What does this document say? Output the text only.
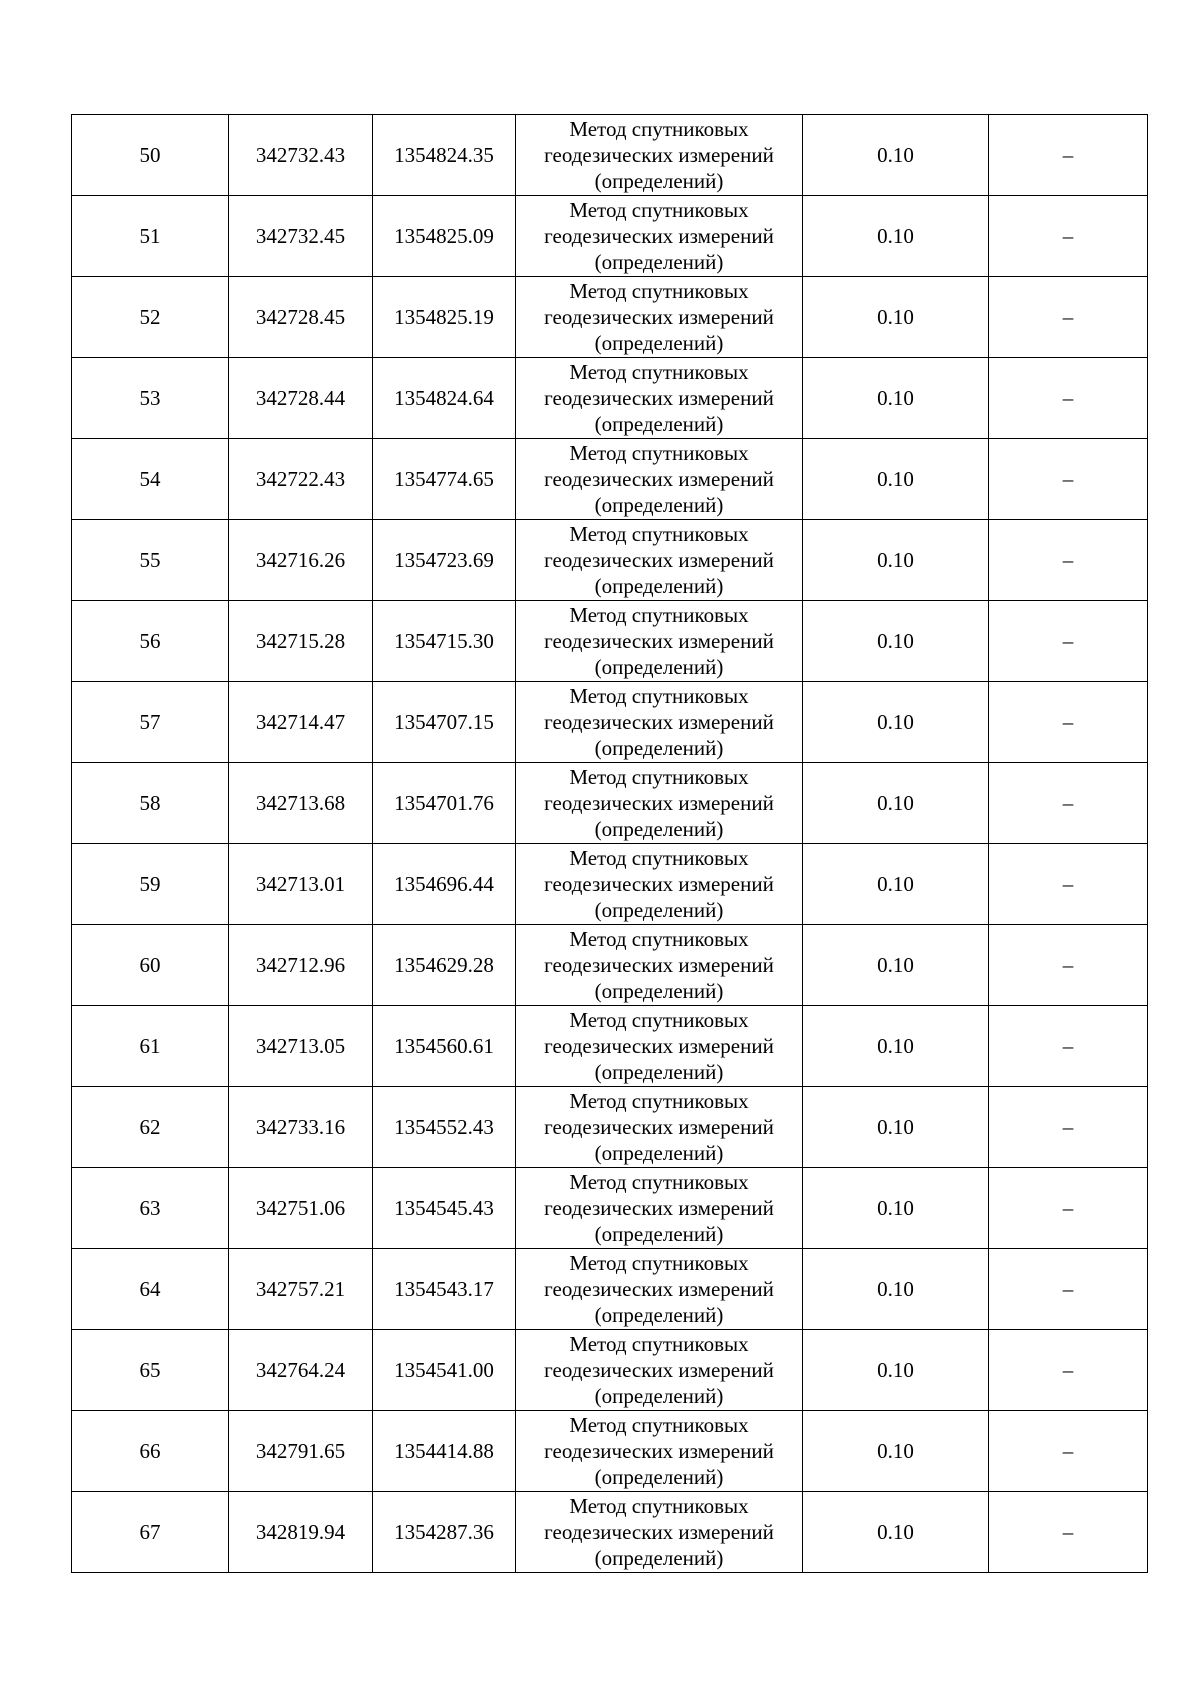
50	342732.43	1354824.35	Метод спутниковых
геодезических измерений
(определений)	0.10	–
51	342732.45	1354825.09	Метод спутниковых
геодезических измерений
(определений)	0.10	–
52	342728.45	1354825.19	Метод спутниковых
геодезических измерений
(определений)	0.10	–
53	342728.44	1354824.64	Метод спутниковых
геодезических измерений
(определений)	0.10	–
54	342722.43	1354774.65	Метод спутниковых
геодезических измерений
(определений)	0.10	–
55	342716.26	1354723.69	Метод спутниковых
геодезических измерений
(определений)	0.10	–
56	342715.28	1354715.30	Метод спутниковых
геодезических измерений
(определений)	0.10	–
57	342714.47	1354707.15	Метод спутниковых
геодезических измерений
(определений)	0.10	–
58	342713.68	1354701.76	Метод спутниковых
геодезических измерений
(определений)	0.10	–
59	342713.01	1354696.44	Метод спутниковых
геодезических измерений
(определений)	0.10	–
60	342712.96	1354629.28	Метод спутниковых
геодезических измерений
(определений)	0.10	–
61	342713.05	1354560.61	Метод спутниковых
геодезических измерений
(определений)	0.10	–
62	342733.16	1354552.43	Метод спутниковых
геодезических измерений
(определений)	0.10	–
63	342751.06	1354545.43	Метод спутниковых
геодезических измерений
(определений)	0.10	–
64	342757.21	1354543.17	Метод спутниковых
геодезических измерений
(определений)	0.10	–
65	342764.24	1354541.00	Метод спутниковых
геодезических измерений
(определений)	0.10	–
66	342791.65	1354414.88	Метод спутниковых
геодезических измерений
(определений)	0.10	–
67	342819.94	1354287.36	Метод спутниковых
геодезических измерений
(определений)	0.10	–
